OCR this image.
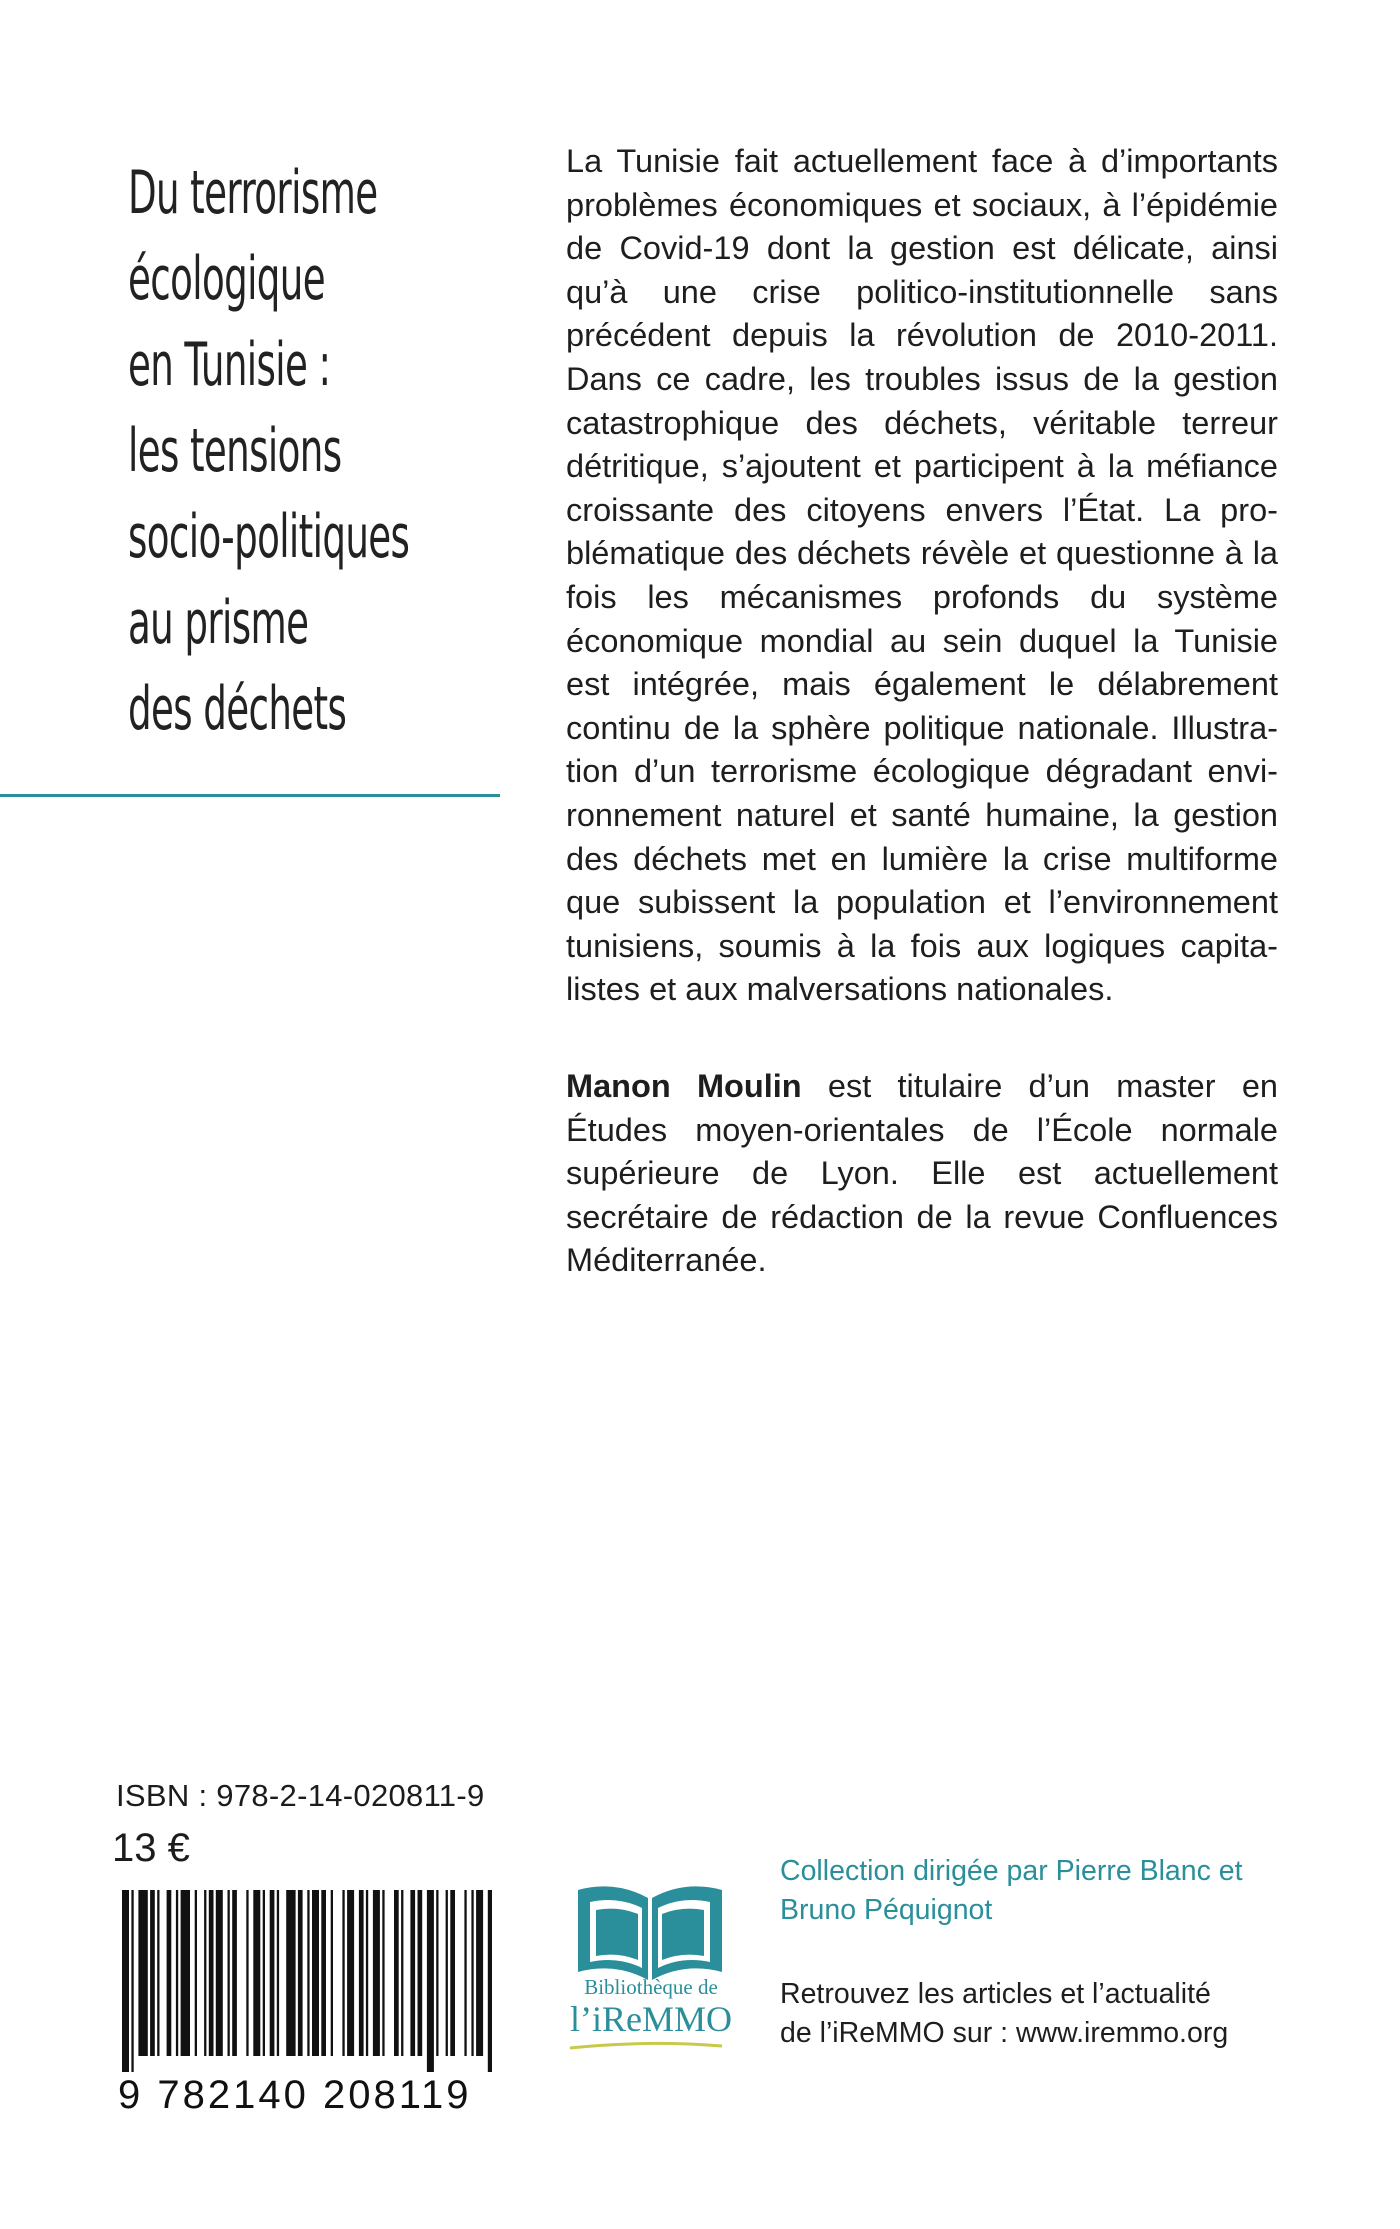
Du terrorisme
écologique
en Tunisie :
les tensions
socio-politiques
au prisme
des déchets

La Tunisie fait actuellement face à d’importants problèmes économiques et sociaux, à l’épidémie de Covid-19 dont la gestion est délicate, ainsi qu’à une crise politico-institutionnelle sans précédent depuis la révolution de 2010-2011. Dans ce cadre, les troubles issus de la gestion catastrophique des déchets, véritable terreur détritique, s’ajoutent et participent à la méfiance croissante des citoyens envers l’État. La problématique des déchets révèle et questionne à la fois les mécanismes profonds du système économique mondial au sein duquel la Tunisie est intégrée, mais également le délabrement continu de la sphère politique nationale. Illustration d’un terrorisme écologique dégradant environnement naturel et santé humaine, la gestion des déchets met en lumière la crise multiforme que subissent la population et l’environnement tunisiens, soumis à la fois aux logiques capitalistes et aux malversations nationales.

Manon Moulin est titulaire d’un master en Études moyen-orientales de l’École normale supérieure de Lyon. Elle est actuellement secrétaire de rédaction de la revue Confluences Méditerranée.

ISBN : 978-2-14-020811-9
13 €
9 782140 208119
Bibliothèque de
l’iReMMO
Collection dirigée par Pierre Blanc et
Bruno Péquignot
Retrouvez les articles et l’actualité
de l’iReMMO sur : www.iremmo.org
